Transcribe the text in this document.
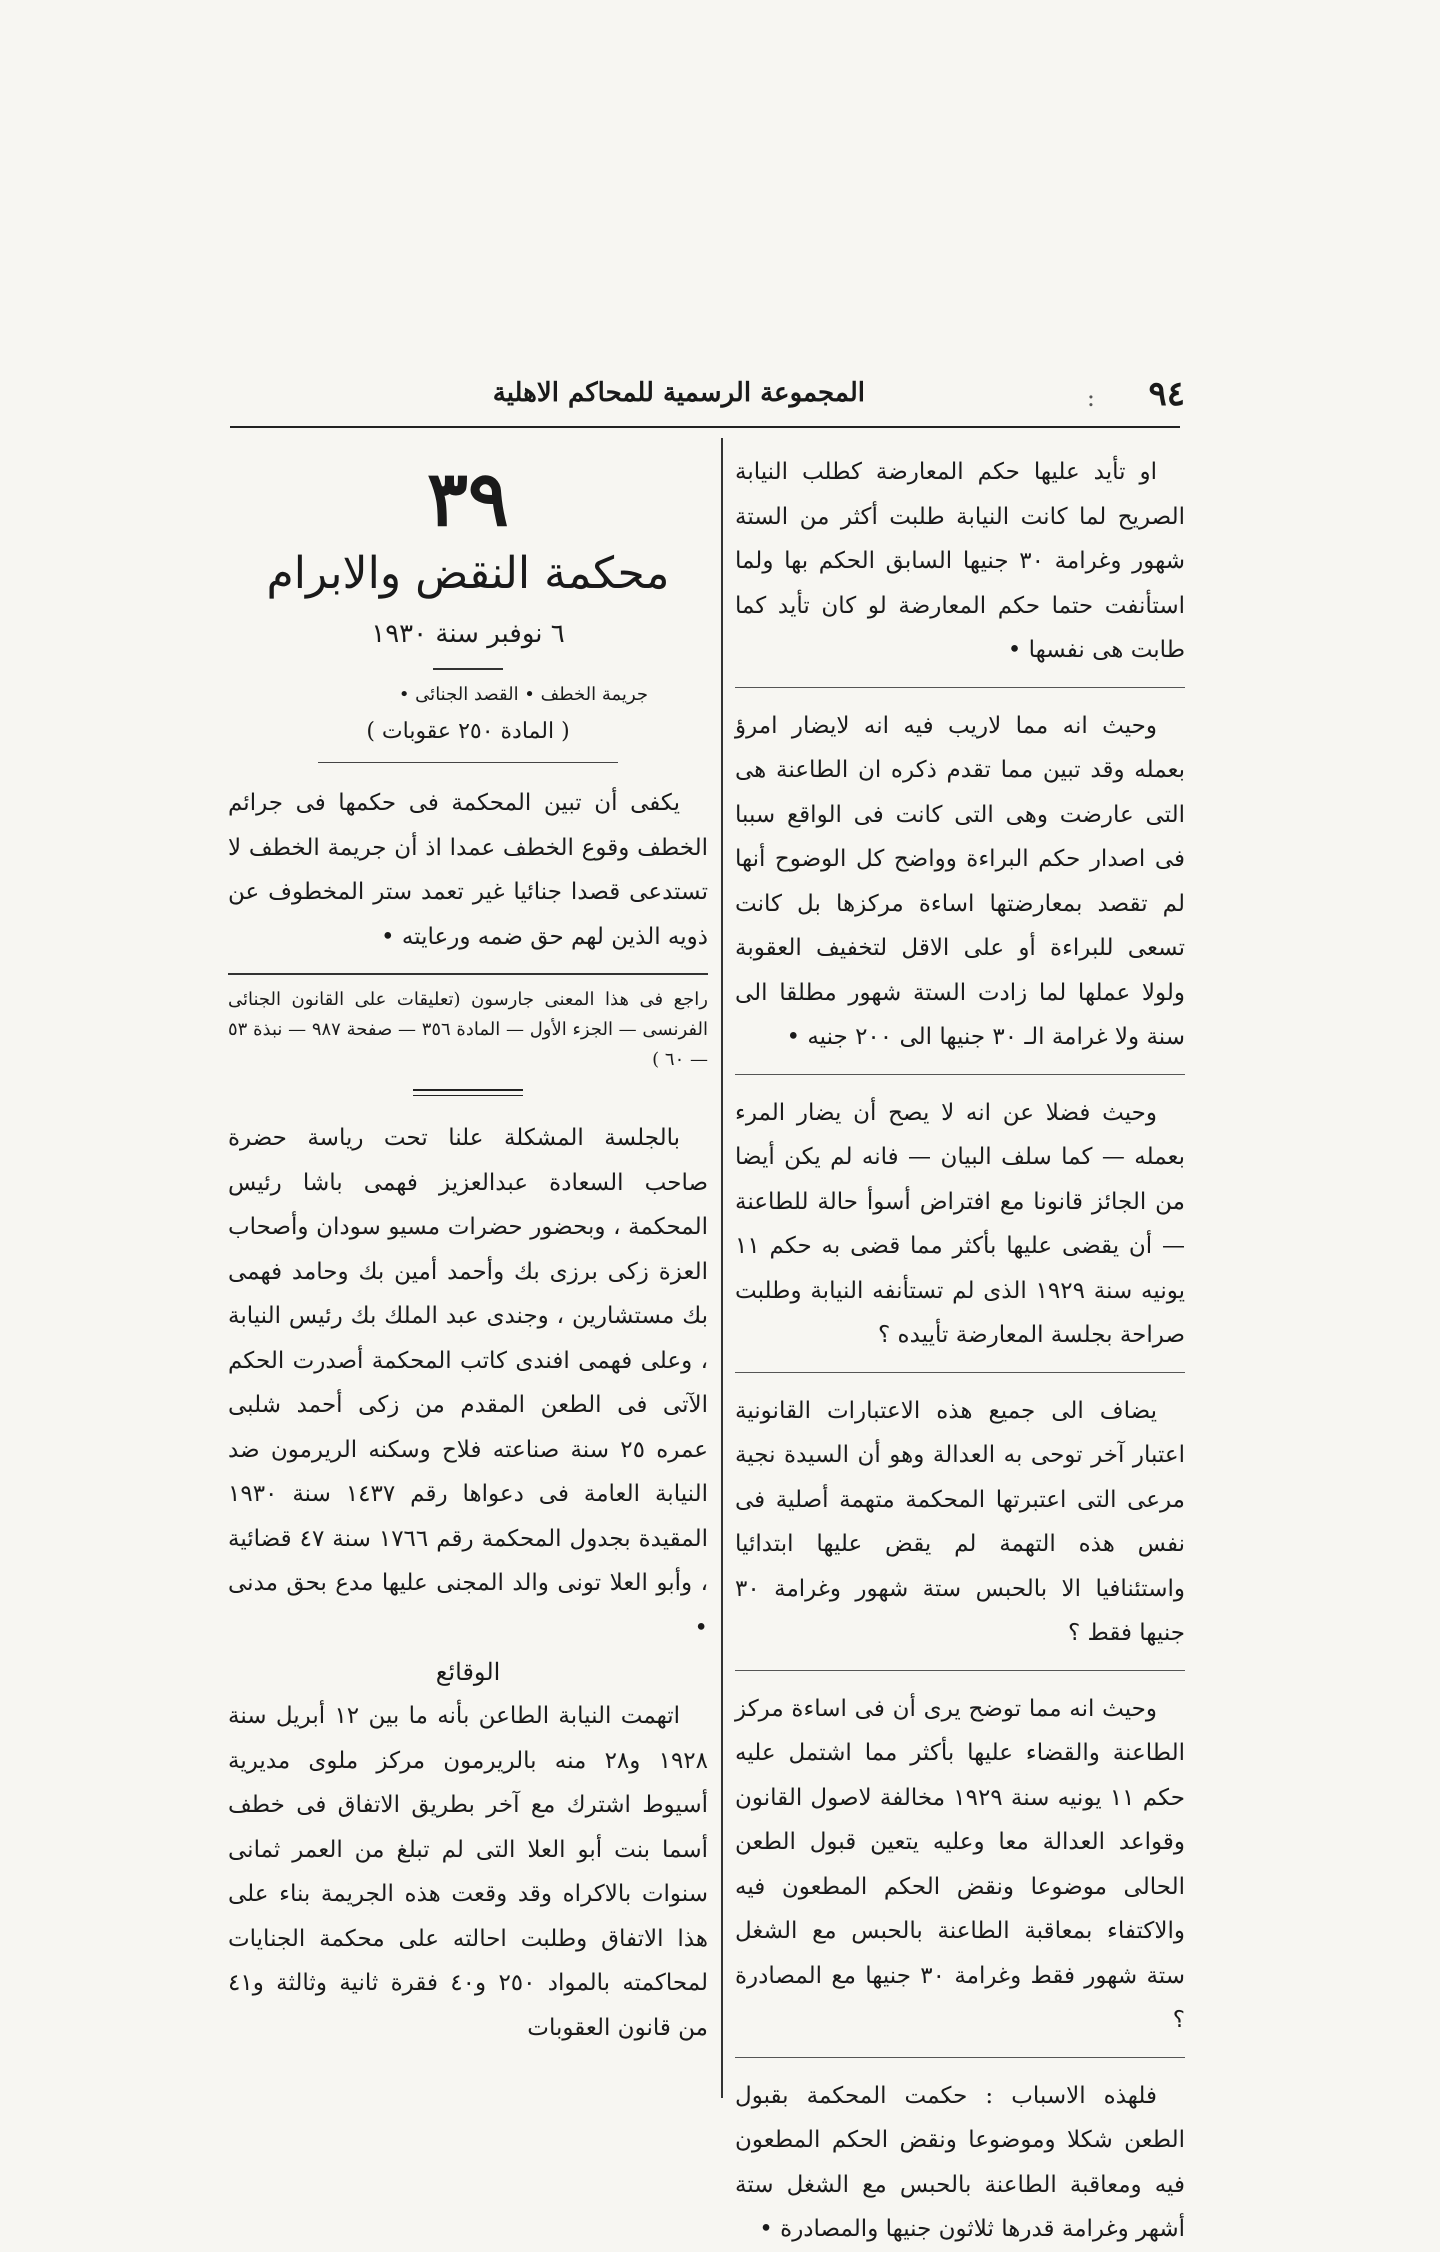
٩٤
:
المجموعة الرسمية للمحاكم الاهلية

او تأيد عليها حكم المعارضة كطلب النيابة الصريح لما كانت النيابة طلبت أكثر من الستة شهور وغرامة ٣٠ جنيها السابق الحكم بها ولما استأنفت حتما حكم المعارضة لو كان تأيد كما طابت هى نفسها •

وحيث انه مما لاريب فيه انه لايضار امرؤ بعمله وقد تبين مما تقدم ذكره ان الطاعنة هى التى عارضت وهى التى كانت فى الواقع سببا فى اصدار حكم البراءة وواضح كل الوضوح أنها لم تقصد بمعارضتها اساءة مركزها بل كانت تسعى للبراءة أو على الاقل لتخفيف العقوبة ولولا عملها لما زادت الستة شهور مطلقا الى سنة ولا غرامة الـ ٣٠ جنيها الى ٢٠٠ جنيه •

وحيث فضلا عن انه لا يصح أن يضار المرء بعمله — كما سلف البيان — فانه لم يكن أيضا من الجائز قانونا مع افتراض أسوأ حالة للطاعنة — أن يقضى عليها بأكثر مما قضى به حكم ١١ يونيه سنة ١٩٢٩ الذى لم تستأنفه النيابة وطلبت صراحة بجلسة المعارضة تأييده ؟

يضاف الى جميع هذه الاعتبارات القانونية اعتبار آخر توحى به العدالة وهو أن السيدة نجية مرعى التى اعتبرتها المحكمة متهمة أصلية فى نفس هذه التهمة لم يقض عليها ابتدائيا واستئنافيا الا بالحبس ستة شهور وغرامة ٣٠ جنيها فقط ؟

وحيث انه مما توضح يرى أن فى اساءة مركز الطاعنة والقضاء عليها بأكثر مما اشتمل عليه حكم ١١ يونيه سنة ١٩٢٩ مخالفة لاصول القانون وقواعد العدالة معا وعليه يتعين قبول الطعن الحالى موضوعا ونقض الحكم المطعون فيه والاكتفاء بمعاقبة الطاعنة بالحبس مع الشغل ستة شهور فقط وغرامة ٣٠ جنيها مع المصادرة ؟

فلهذه الاسباب : حكمت المحكمة بقبول الطعن شكلا وموضوعا ونقض الحكم المطعون فيه ومعاقبة الطاعنة بالحبس مع الشغل ستة أشهر وغرامة قدرها ثلاثون جنيها والمصادرة •

٣٩
محكمة النقض والابرام
٦ نوفبر سنة ١٩٣٠
جريمة الخطف • القصد الجنائى •
( المادة ٢٥٠ عقوبات )

يكفى أن تبين المحكمة فى حكمها فى جرائم الخطف وقوع الخطف عمدا اذ أن جريمة الخطف لا تستدعى قصدا جنائيا غير تعمد ستر المخطوف عن ذويه الذين لهم حق ضمه ورعايته •

راجع فى هذا المعنى جارسون (تعليقات على القانون الجنائى الفرنسى — الجزء الأول — المادة ٣٥٦ — صفحة ٩٨٧ — نبذة ٥٣ — ٦٠ )

بالجلسة المشكلة علنا تحت رياسة حضرة صاحب السعادة عبدالعزيز فهمى باشا رئيس المحكمة ، وبحضور حضرات مسيو سودان وأصحاب العزة زكى برزى بك وأحمد أمين بك وحامد فهمى بك مستشارين ، وجندى عبد الملك بك رئيس النيابة ، وعلى فهمى افندى كاتب المحكمة أصدرت الحكم الآتى فى الطعن المقدم من زكى أحمد شلبى عمره ٢٥ سنة صناعته فلاح وسكنه الريرمون ضد النيابة العامة فى دعواها رقم ١٤٣٧ سنة ١٩٣٠ المقيدة بجدول المحكمة رقم ١٧٦٦ سنة ٤٧ قضائية ، وأبو العلا تونى والد المجنى عليها مدع بحق مدنى •

الوقائع

اتهمت النيابة الطاعن بأنه ما بين ١٢ أبريل سنة ١٩٢٨ و٢٨ منه بالريرمون مركز ملوى مديرية أسيوط اشترك مع آخر بطريق الاتفاق فى خطف أسما بنت أبو العلا التى لم تبلغ من العمر ثمانى سنوات بالاكراه وقد وقعت هذه الجريمة بناء على هذا الاتفاق وطلبت احالته على محكمة الجنايات لمحاكمته بالمواد ٢٥٠ و٤٠ فقرة ثانية وثالثة و٤١ من قانون العقوبات
